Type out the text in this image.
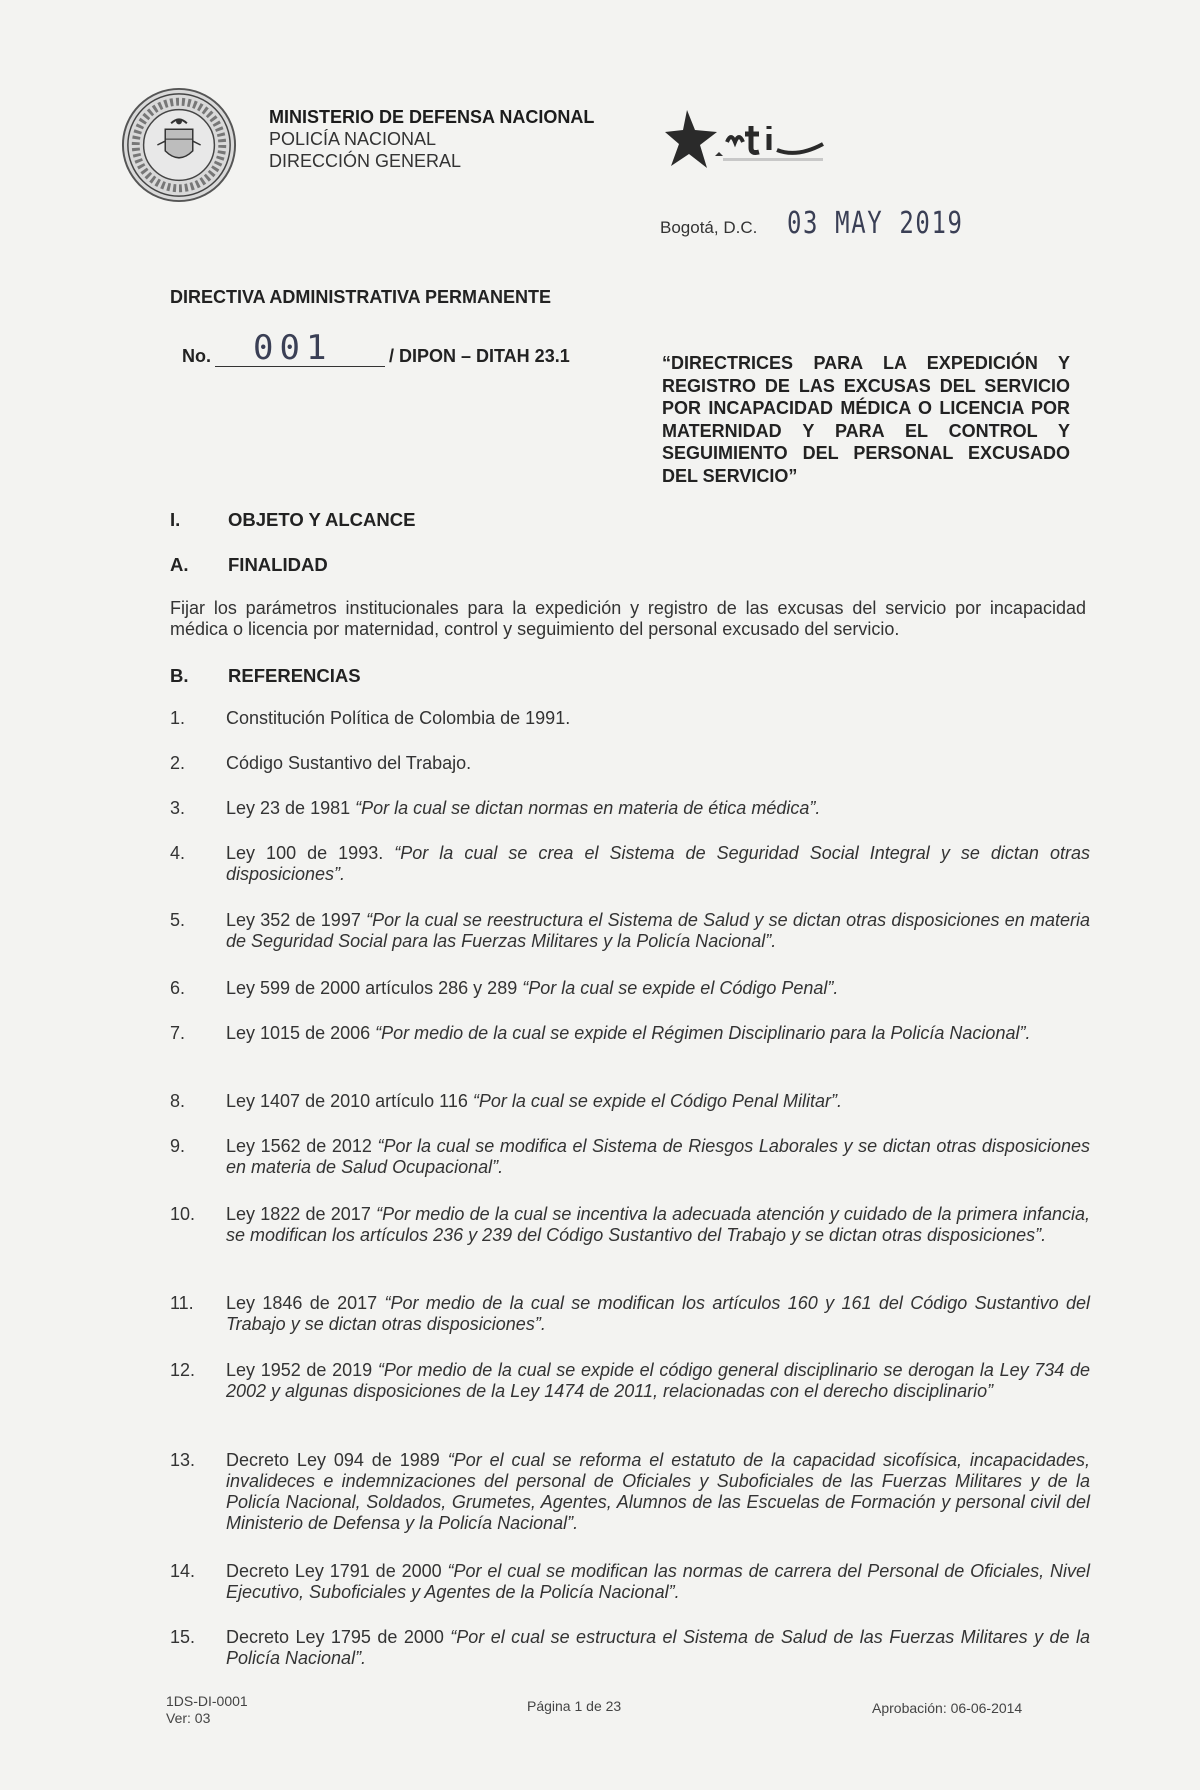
MINISTERIO DE DEFENSA NACIONAL
POLICÍA NACIONAL
DIRECCIÓN GENERAL
Bogotá, D.C. 03 MAY 2019
DIRECTIVA ADMINISTRATIVA PERMANENTE
No. 001	/ DIPON – DITAH 23.1	“DIRECTRICES PARA LA EXPEDICIÓN Y REGISTRO DE LAS EXCUSAS DEL SERVICIO POR INCAPACIDAD MÉDICA O LICENCIA POR MATERNIDAD Y PARA EL CONTROL Y SEGUIMIENTO DEL PERSONAL EXCUSADO DEL SERVICIO”
I.	OBJETO Y ALCANCE
A. FINALIDAD
Fijar los parámetros institucionales para la expedición y registro de las excusas del servicio por incapacidad médica o licencia por maternidad, control y seguimiento del personal excusado del servicio.
B. REFERENCIAS
1. Constitución Política de Colombia de 1991.
2. Código Sustantivo del Trabajo.
3. Ley 23 de 1981 “Por la cual se dictan normas en materia de ética médica”.
4. Ley 100 de 1993. “Por la cual se crea el Sistema de Seguridad Social Integral y se dictan otras disposiciones”.
5. Ley 352 de 1997 “Por la cual se reestructura el Sistema de Salud y se dictan otras disposiciones en materia de Seguridad Social para las Fuerzas Militares y la Policía Nacional”.
6. Ley 599 de 2000 artículos 286 y 289 “Por la cual se expide el Código Penal”.
7. Ley 1015 de 2006 “Por medio de la cual se expide el Régimen Disciplinario para la Policía Nacional”.
8. Ley 1407 de 2010 artículo 116 “Por la cual se expide el Código Penal Militar”.
9. Ley 1562 de 2012 “Por la cual se modifica el Sistema de Riesgos Laborales y se dictan otras disposiciones en materia de Salud Ocupacional”.
10. Ley 1822 de 2017 “Por medio de la cual se incentiva la adecuada atención y cuidado de la primera infancia, se modifican los artículos 236 y 239 del Código Sustantivo del Trabajo y se dictan otras disposiciones”.
11. Ley 1846 de 2017 “Por medio de la cual se modifican los artículos 160 y 161 del Código Sustantivo del Trabajo y se dictan otras disposiciones”.
12. Ley 1952 de 2019 “Por medio de la cual se expide el código general disciplinario se derogan la Ley 734 de 2002 y algunas disposiciones de la Ley 1474 de 2011, relacionadas con el derecho disciplinario”
13. Decreto Ley 094 de 1989 “Por el cual se reforma el estatuto de la capacidad sicofísica, incapacidades, invalideces e indemnizaciones del personal de Oficiales y Suboficiales de las Fuerzas Militares y de la Policía Nacional, Soldados, Grumetes, Agentes, Alumnos de las Escuelas de Formación y personal civil del Ministerio de Defensa y la Policía Nacional”.
14. Decreto Ley 1791 de 2000 “Por el cual se modifican las normas de carrera del Personal de Oficiales, Nivel Ejecutivo, Suboficiales y Agentes de la Policía Nacional”.
15. Decreto Ley 1795 de 2000 “Por el cual se estructura el Sistema de Salud de las Fuerzas Militares y de la Policía Nacional”.
1DS-DI-0001
Ver: 03
Página 1 de 23	Aprobación: 06-06-2014
